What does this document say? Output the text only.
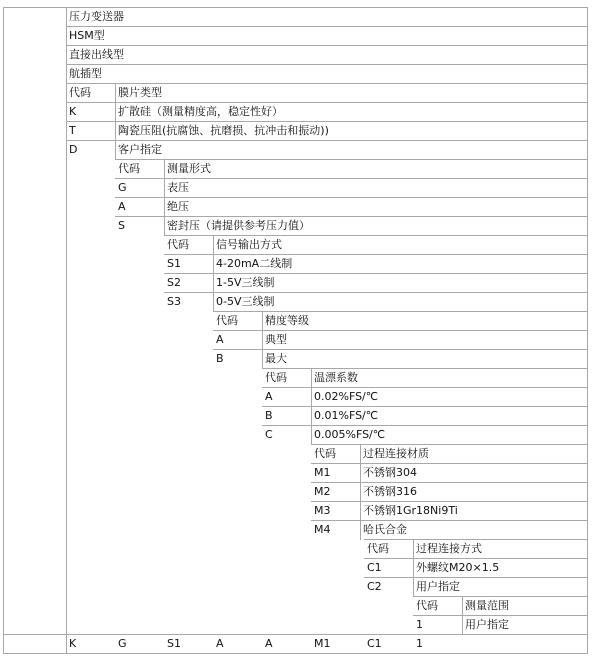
压力变送器
HSM型
直接出线型
航插型
代码 膜片类型
K	扩散硅（测量精度高，稳定性好）
T	陶瓷压阻(抗腐蚀、抗磨损、抗冲击和振动))
D	客户指定
代码 测量形式
G	表压
A	绝压
S	密封压（请提供参考压力值）
代码 信号输出方式
S1	4-20mA二线制
S2	1-5V三线制
S3	0-5V三线制
代码 精度等级
A	典型
B	最大
代码 温漂系数
A	0.02%FS/℃
B	0.01%FS/℃
C	0.005%FS/℃
代码 过程连接材质
M1	不锈钢304
M2	不锈钢316
M3	不锈钢1Gr18Ni9Ti
M4	哈氏合金
代码 过程连接方式
C1	外螺纹M20×1.5
C2	用户指定
代码 测量范围
1	用户指定
K	G	S1	A	A	M1	C1	1
